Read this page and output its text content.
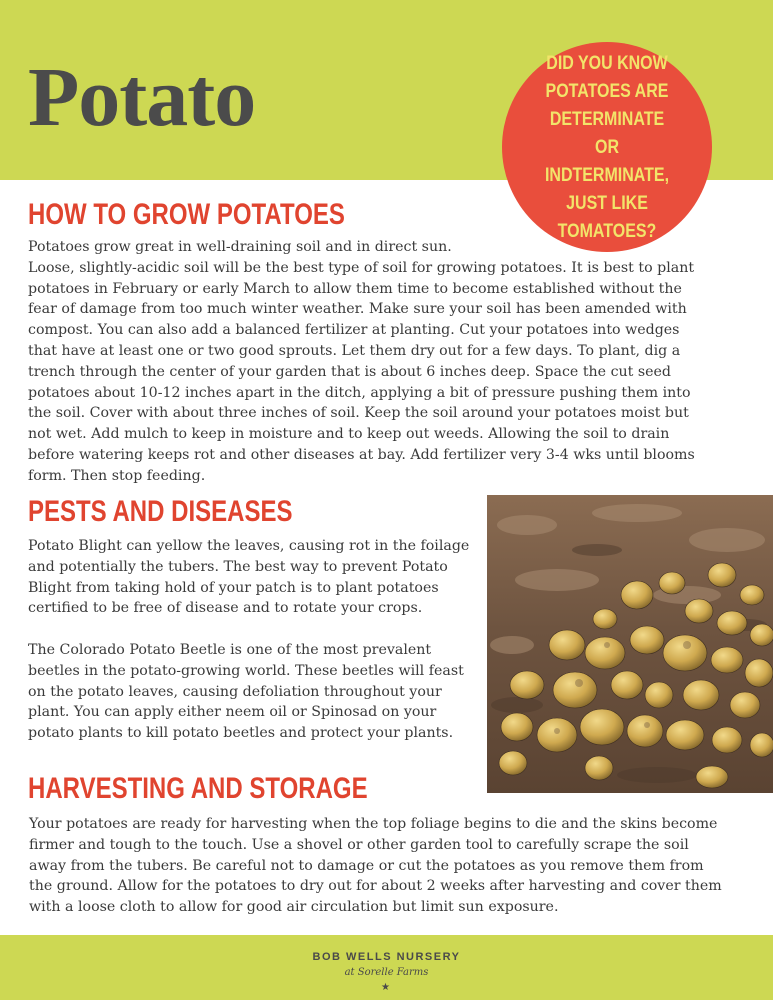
Potato	DID YOU KNOW POTATOES ARE DETERMINATE OR INDTERMINATE, JUST LIKE TOMATOES?
HOW TO GROW POTATOES

Potatoes grow great in well-draining soil and in direct sun.

Loose, slightly-acidic soil will be the best type of soil for growing potatoes. It is best to plant potatoes in February or early March to allow them time to become established without the fear of damage from too much winter weather. Make sure your soil has been amended with compost. You can also add a balanced fertilizer at planting. Cut your potatoes into wedges that have at least one or two good sprouts. Let them dry out for a few days. To plant, dig a trench through the center of your garden that is about 6 inches deep. Space the cut seed potatoes about 10-12 inches apart in the ditch, applying a bit of pressure pushing them into the soil. Cover with about three inches of soil. Keep the soil around your potatoes moist but not wet. Add mulch to keep in moisture and to keep out weeds. Allowing the soil to drain before watering keeps rot and other diseases at bay. Add fertilizer very 3-4 wks until blooms form. Then stop feeding.

PESTS AND DISEASES

Potato Blight can yellow the leaves, causing rot in the foilage and potentially the tubers. The best way to prevent Potato Blight from taking hold of your patch is to plant potatoes certified to be free of disease and to rotate your crops.

The Colorado Potato Beetle is one of the most prevalent beetles in the potato-growing world. These beetles will feast on the potato leaves, causing defoliation throughout your plant. You can apply either neem oil or Spinosad on your potato plants to kill potato beetles and protect your plants.

HARVESTING AND STORAGE

Your potatoes are ready for harvesting when the top foliage begins to die and the skins become firmer and tough to the touch. Use a shovel or other garden tool to carefully scrape the soil away from the tubers. Be careful not to damage or cut the potatoes as you remove them from the ground. Allow for the potatoes to dry out for about 2 weeks after harvesting and cover them with a loose cloth to allow for good air circulation but limit sun exposure.

BOB WELLS NURSERY
at Sorelle Farms
★
